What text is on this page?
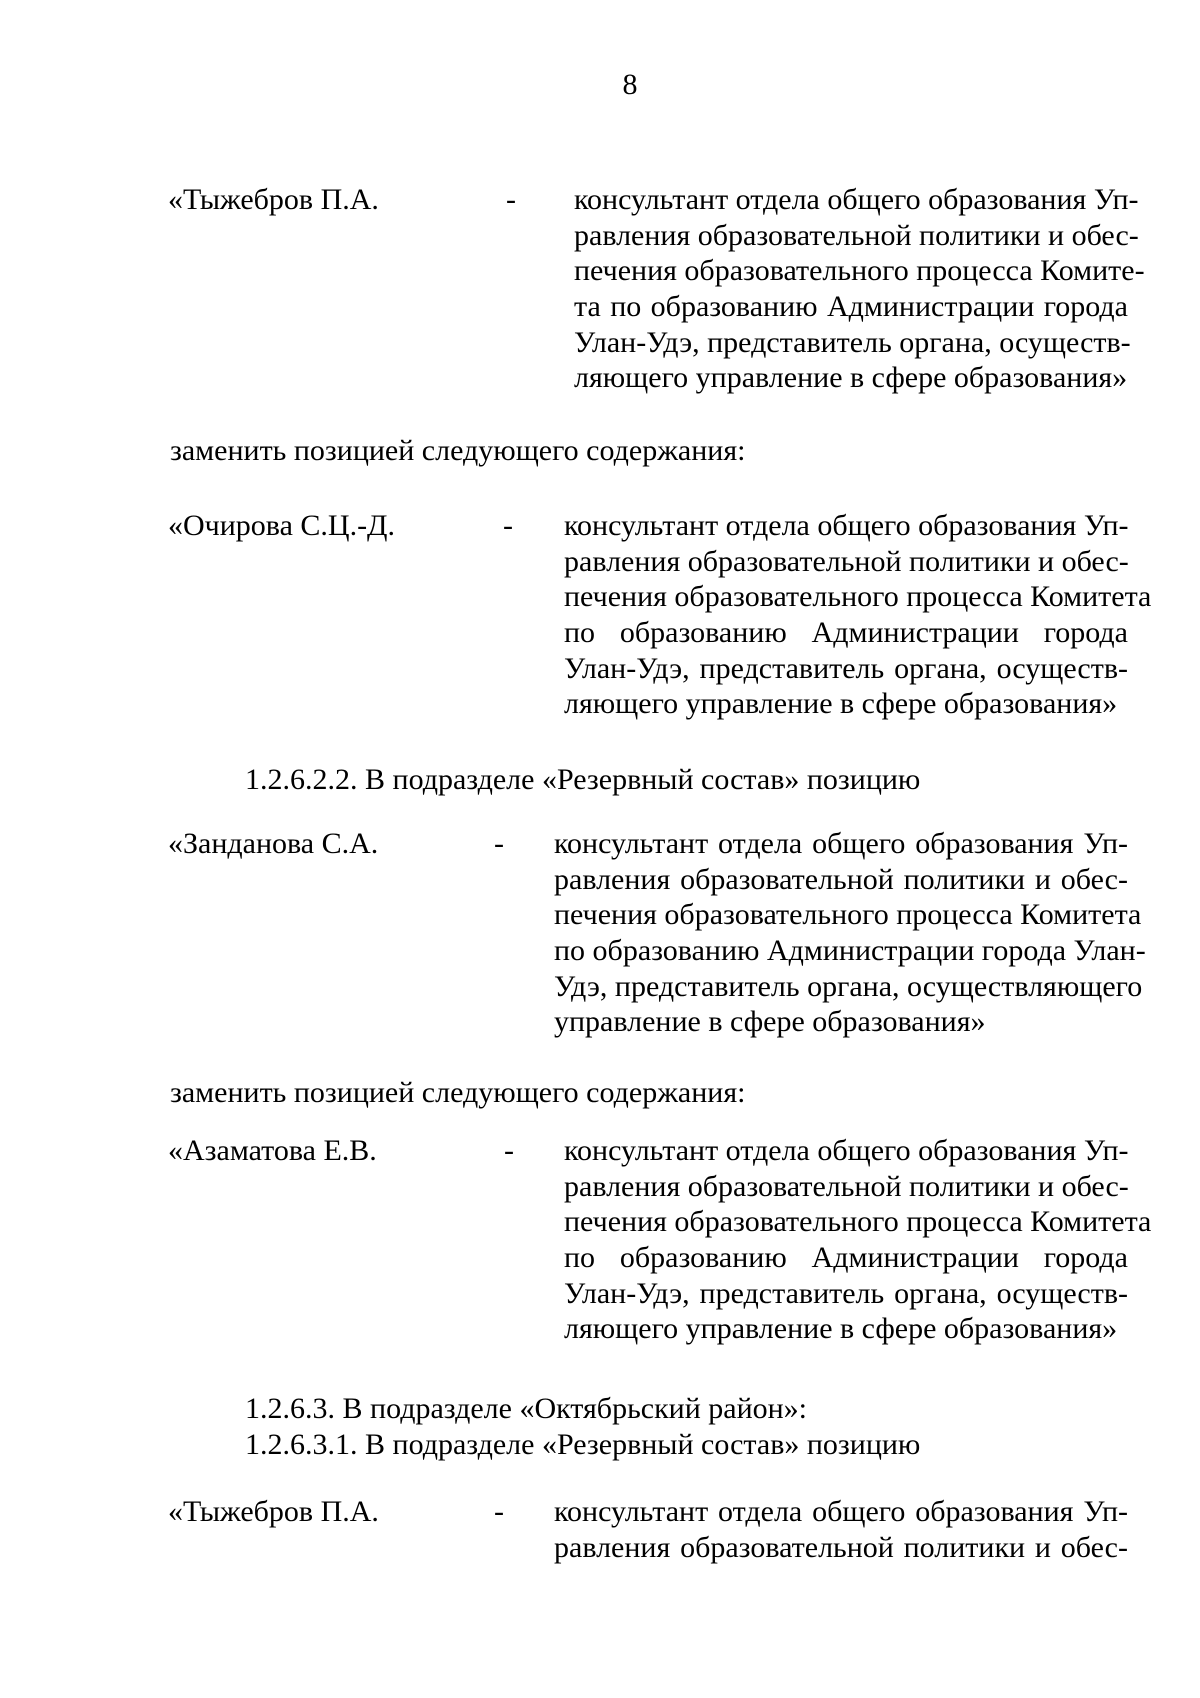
8
«Тыжебров П.А.	- консультант отдела общего образования Уп-
равления образовательной политики и обес-
печения образовательного процесса Комите-
та по образованию Администрации города
Улан-Удэ, представитель органа, осуществ-
ляющего управление в сфере образования»
заменить позицией следующего содержания:
«Очирова С.Ц.-Д.	- консультант отдела общего образования Уп-
равления образовательной политики и обес-
печения образовательного процесса Комитета
по образованию Администрации города
Улан-Удэ, представитель органа, осуществ-
ляющего управление в сфере образования»
1.2.6.2.2. В подразделе «Резервный состав» позицию
«Занданова С.А.	- консультант отдела общего образования Уп-
равления образовательной политики и обес-
печения образовательного процесса Комитета
по образованию Администрации города Улан-
Удэ, представитель органа, осуществляющего
управление в сфере образования»
заменить позицией следующего содержания:
«Азаматова Е.В.	- консультант отдела общего образования Уп-
равления образовательной политики и обес-
печения образовательного процесса Комитета
по образованию Администрации города
Улан-Удэ, представитель органа, осуществ-
ляющего управление в сфере образования»
1.2.6.3. В подразделе «Октябрьский район»:
1.2.6.3.1. В подразделе «Резервный состав» позицию
«Тыжебров П.А.	- консультант отдела общего образования Уп-
равления образовательной политики и обес-
